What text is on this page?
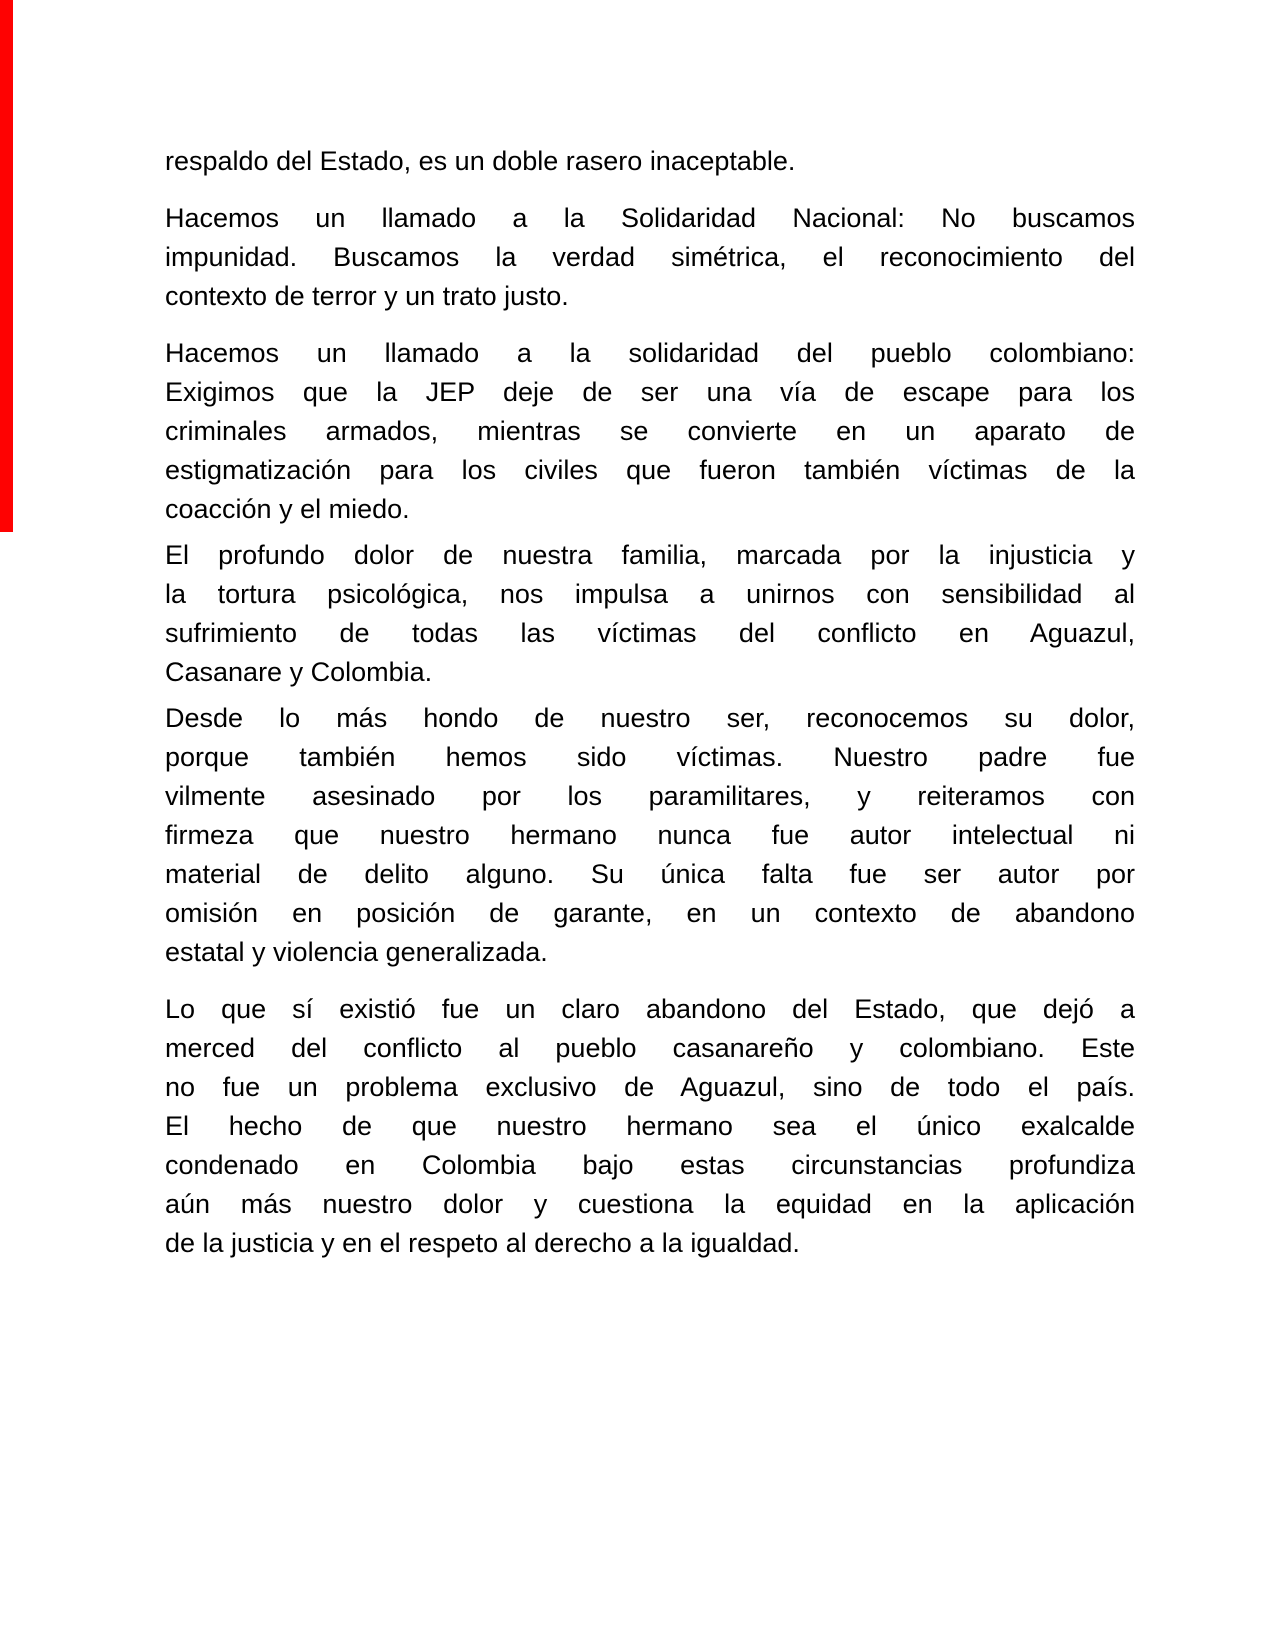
respaldo del Estado, es un doble rasero inaceptable.
Hacemos un llamado a la Solidaridad Nacional: No buscamos
impunidad. Buscamos la verdad simétrica, el reconocimiento del
contexto de terror y un trato justo.
Hacemos un llamado a la solidaridad del pueblo colombiano:
Exigimos que la JEP deje de ser una vía de escape para los
criminales armados, mientras se convierte en un aparato de
estigmatización para los civiles que fueron también víctimas de la
coacción y el miedo.
El profundo dolor de nuestra familia, marcada por la injusticia y
la tortura psicológica, nos impulsa a unirnos con sensibilidad al
sufrimiento de todas las víctimas del conflicto en Aguazul,
Casanare y Colombia.
Desde lo más hondo de nuestro ser, reconocemos su dolor,
porque también hemos sido víctimas. Nuestro padre fue
vilmente asesinado por los paramilitares, y reiteramos con
firmeza que nuestro hermano nunca fue autor intelectual ni
material de delito alguno. Su única falta fue ser autor por
omisión en posición de garante, en un contexto de abandono
estatal y violencia generalizada.
Lo que sí existió fue un claro abandono del Estado, que dejó a
merced del conflicto al pueblo casanareño y colombiano. Este
no fue un problema exclusivo de Aguazul, sino de todo el país.
El hecho de que nuestro hermano sea el único exalcalde
condenado en Colombia bajo estas circunstancias profundiza
aún más nuestro dolor y cuestiona la equidad en la aplicación
de la justicia y en el respeto al derecho a la igualdad.
